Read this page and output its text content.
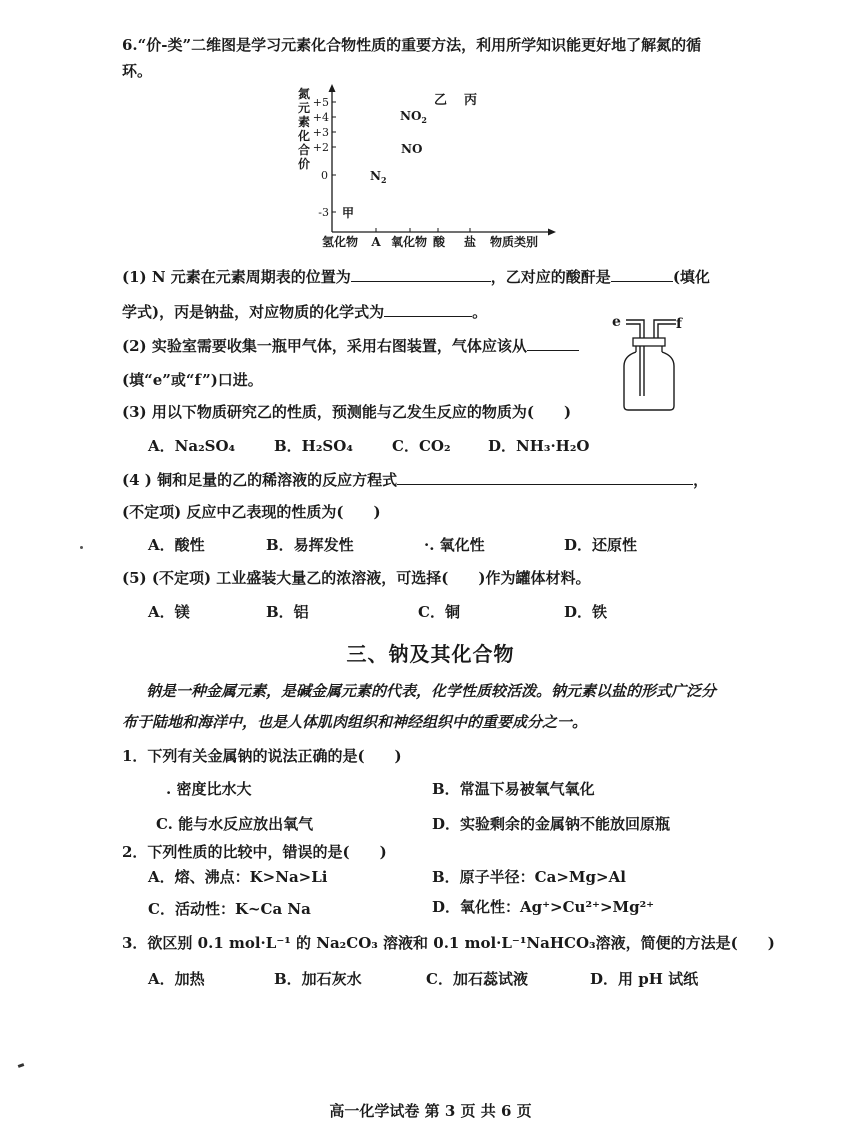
6.“价-类”二维图是学习元素化合物性质的重要方法，利用所学知识能更好地了解氮的循
环。
氮
元
素
化
合
价
+5
+4
+3
+2
0
-3
氢化物 A 氧化物 酸 盐 物质类别
甲
$N_2$
NO
$NO_2$
乙 丙
(1) N 元素在元素周期表的位置为	，乙对应的酸酐是	(填化
学式)，丙是钠盐，对应物质的化学式为	。
e	f
(2) 实验室需要收集一瓶甲气体，采用右图装置，气体应该从
(填“e”或“f”)口进。
(3) 用以下物质研究乙的性质，预测能与乙发生反应的物质为(　　)
A．Na₂SO₄	B．H₂SO₄	C．CO₂ D．NH₃·H₂O
(4 ) 铜和足量的乙的稀溶液的反应方程式	，
(不定项) 反应中乙表现的性质为(　　)
A．酸性	B．易挥发性	·. 氧化性	D．还原性
(5) (不定项) 工业盛装大量乙的浓溶液，可选择(　　)作为罐体材料。
A．镁	B．铝	C．铜	D．铁
三、钠及其化合物
钠是一种金属元素，是碱金属元素的代表，化学性质较活泼。钠元素以盐的形式广泛分
布于陆地和海洋中，也是人体肌肉组织和神经组织中的重要成分之一。
1．下列有关金属钠的说法正确的是(　　)
. 密度比水大	B．常温下易被氧气氧化
C. 能与水反应放出氧气	D．实验剩余的金属钠不能放回原瓶
2．下列性质的比较中，错误的是(　　)
A．熔、沸点：K>Na>Li	B．原子半径：Ca>Mg>Al
C．活动性：K~Ca Na	D．氧化性：Ag⁺>Cu²⁺>Mg²⁺
3．欲区别 0.1 mol·L⁻¹ 的 Na₂CO₃ 溶液和 0.1 mol·L⁻¹NaHCO₃溶液，简便的方法是(　　)
A．加热	B．加石灰水	C．加石蕊试液	D．用 pH 试纸
高一化学试卷 第 3 页 共 6 页
